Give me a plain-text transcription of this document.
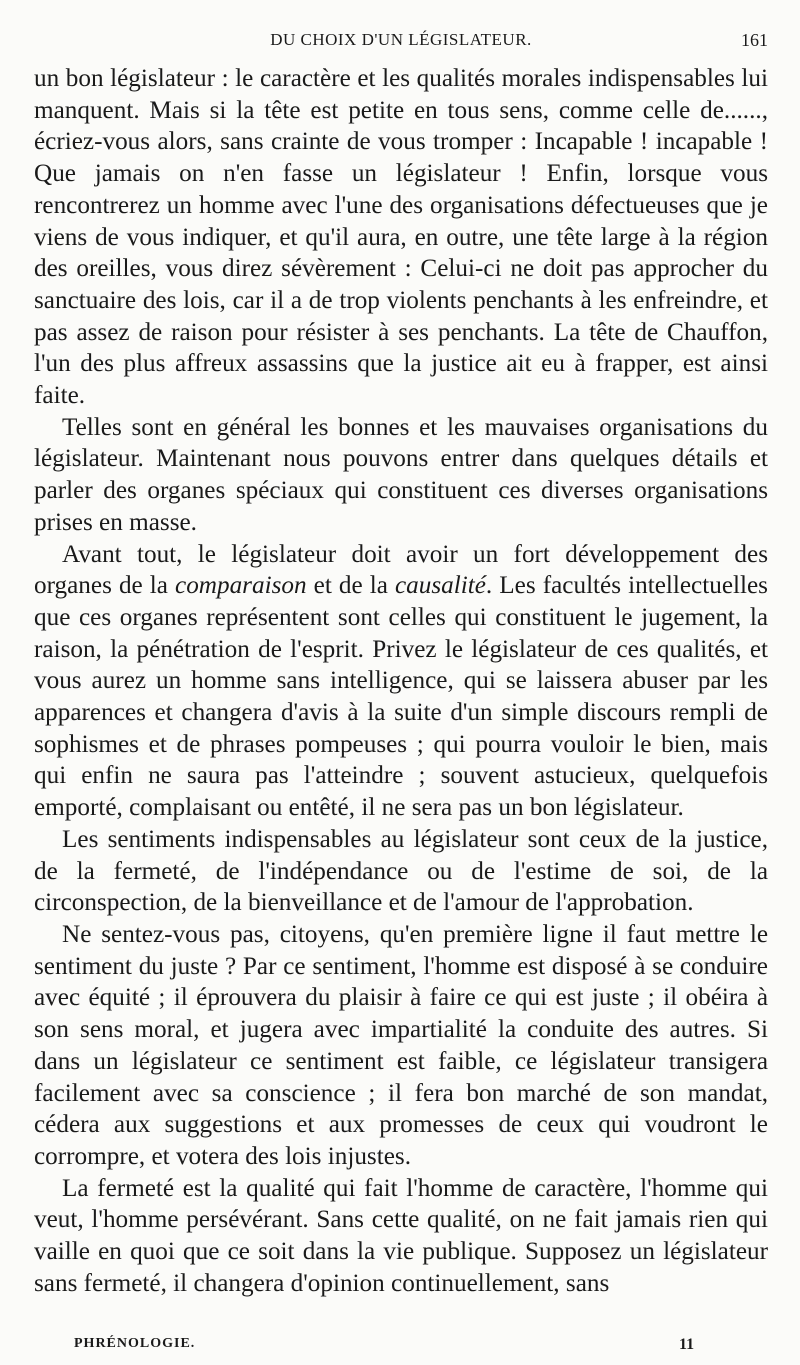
DU CHOIX D'UN LÉGISLATEUR.	161

un bon législateur : le caractère et les qualités morales indispensables lui manquent. Mais si la tête est petite en tous sens, comme celle de......, écriez-vous alors, sans crainte de vous tromper : Incapable ! incapable ! Que jamais on n'en fasse un législateur ! Enfin, lorsque vous rencontrerez un homme avec l'une des organisations défectueuses que je viens de vous indiquer, et qu'il aura, en outre, une tête large à la région des oreilles, vous direz sévèrement : Celui-ci ne doit pas approcher du sanctuaire des lois, car il a de trop violents penchants à les enfreindre, et pas assez de raison pour résister à ses penchants. La tête de Chauffon, l'un des plus affreux assassins que la justice ait eu à frapper, est ainsi faite.

Telles sont en général les bonnes et les mauvaises organisations du législateur. Maintenant nous pouvons entrer dans quelques détails et parler des organes spéciaux qui constituent ces diverses organisations prises en masse.

Avant tout, le législateur doit avoir un fort développement des organes de la comparaison et de la causalité. Les facultés intellectuelles que ces organes représentent sont celles qui constituent le jugement, la raison, la pénétration de l'esprit. Privez le législateur de ces qualités, et vous aurez un homme sans intelligence, qui se laissera abuser par les apparences et changera d'avis à la suite d'un simple discours rempli de sophismes et de phrases pompeuses ; qui pourra vouloir le bien, mais qui enfin ne saura pas l'atteindre ; souvent astucieux, quelquefois emporté, complaisant ou entêté, il ne sera pas un bon législateur.

Les sentiments indispensables au législateur sont ceux de la justice, de la fermeté, de l'indépendance ou de l'estime de soi, de la circonspection, de la bienveillance et de l'amour de l'approbation.

Ne sentez-vous pas, citoyens, qu'en première ligne il faut mettre le sentiment du juste ? Par ce sentiment, l'homme est disposé à se conduire avec équité ; il éprouvera du plaisir à faire ce qui est juste ; il obéira à son sens moral, et jugera avec impartialité la conduite des autres. Si dans un législateur ce sentiment est faible, ce législateur transigera facilement avec sa conscience ; il fera bon marché de son mandat, cédera aux suggestions et aux promesses de ceux qui voudront le corrompre, et votera des lois injustes.

La fermeté est la qualité qui fait l'homme de caractère, l'homme qui veut, l'homme persévérant. Sans cette qualité, on ne fait jamais rien qui vaille en quoi que ce soit dans la vie publique. Supposez un législateur sans fermeté, il changera d'opinion continuellement, sans

PHRÉNOLOGIE.	11
